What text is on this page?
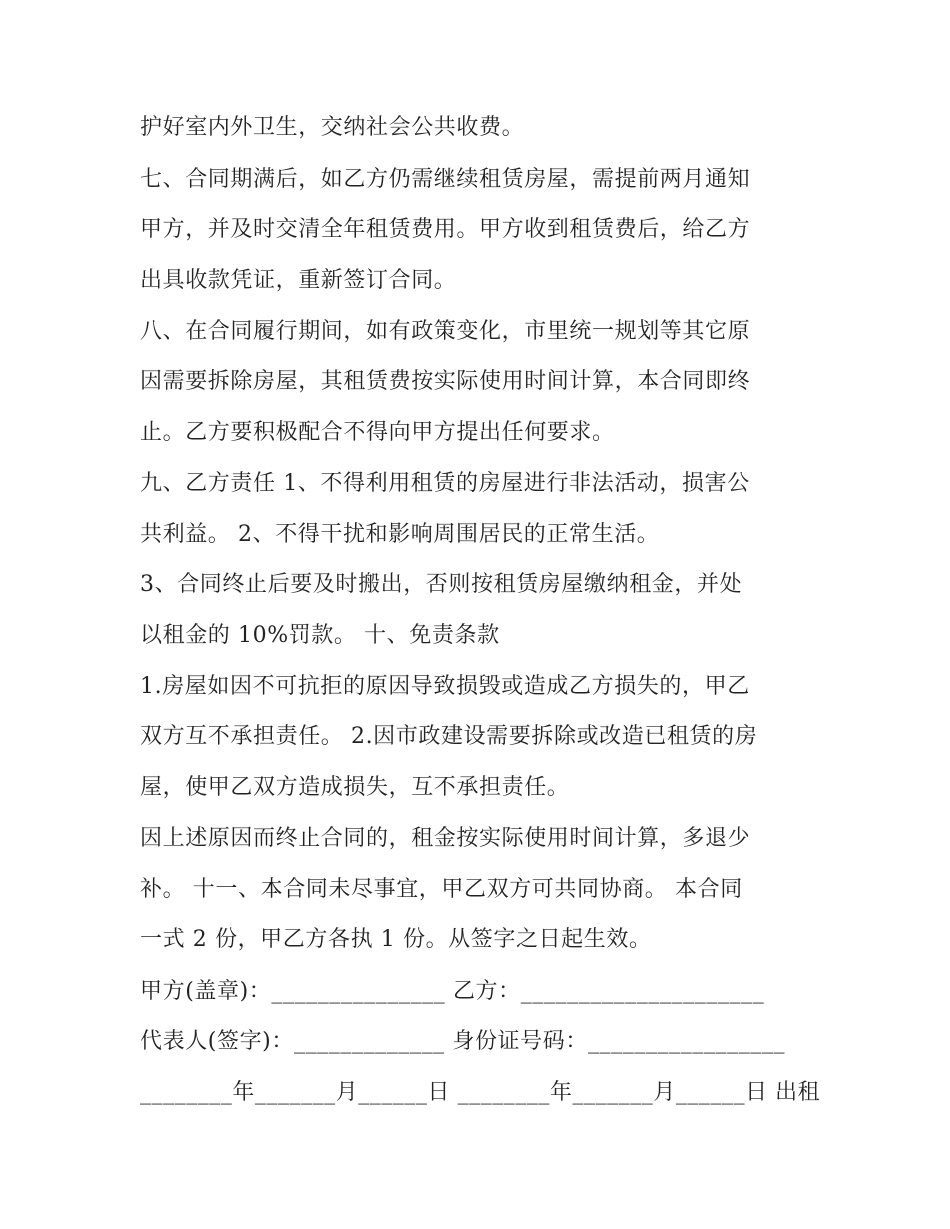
护好室内外卫生，交纳社会公共收费。
七、合同期满后，如乙方仍需继续租赁房屋，需提前两月通知
甲方，并及时交清全年租赁费用。甲方收到租赁费后，给乙方
出具收款凭证，重新签订合同。
八、在合同履行期间，如有政策变化，市里统一规划等其它原
因需要拆除房屋，其租赁费按实际使用时间计算，本合同即终
止。乙方要积极配合不得向甲方提出任何要求。
九、乙方责任 1、不得利用租赁的房屋进行非法活动，损害公
共利益。 2、不得干扰和影响周围居民的正常生活。
3、合同终止后要及时搬出，否则按租赁房屋缴纳租金，并处
以租金的 10%罚款。 十、免责条款
1.房屋如因不可抗拒的原因导致损毁或造成乙方损失的，甲乙
双方互不承担责任。 2.因市政建设需要拆除或改造已租赁的房
屋，使甲乙双方造成损失，互不承担责任。
因上述原因而终止合同的，租金按实际使用时间计算，多退少
补。 十一、本合同未尽事宜，甲乙双方可共同协商。 本合同
一式 2 份，甲乙方各执 1 份。从签字之日起生效。
甲方(盖章)：_______________ 乙方：_____________________
代表人(签字)：_____________ 身份证号码：_________________
________年_______月______日 ________年_______月______日 出租
